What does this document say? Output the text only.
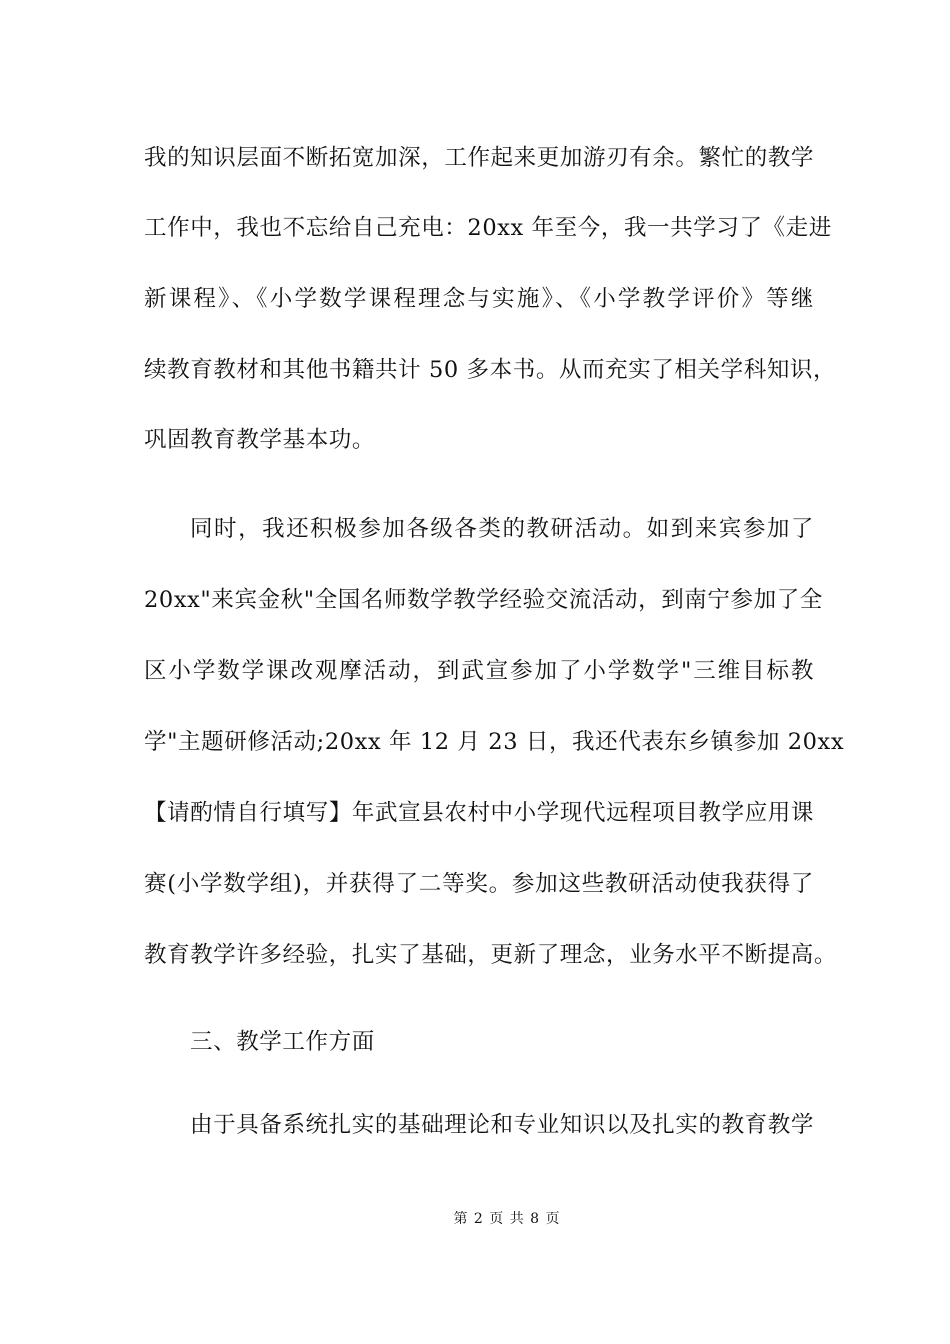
我的知识层面不断拓宽加深，工作起来更加游刃有余。繁忙的教学
工作中，我也不忘给自己充电：20xx 年至今，我一共学习了《走进
新课程》、《小学数学课程理念与实施》、《小学教学评价》等继
续教育教材和其他书籍共计 50 多本书。从而充实了相关学科知识，
巩固教育教学基本功。
同时，我还积极参加各级各类的教研活动。如到来宾参加了
20xx"来宾金秋"全国名师数学教学经验交流活动，到南宁参加了全
区小学数学课改观摩活动，到武宣参加了小学数学"三维目标教
学"主题研修活动;20xx 年 12 月 23 日，我还代表东乡镇参加 20xx
【请酌情自行填写】年武宣县农村中小学现代远程项目教学应用课
赛(小学数学组)，并获得了二等奖。参加这些教研活动使我获得了
教育教学许多经验，扎实了基础，更新了理念，业务水平不断提高。
三、教学工作方面
由于具备系统扎实的基础理论和专业知识以及扎实的教育教学
第 2 页 共 8 页
